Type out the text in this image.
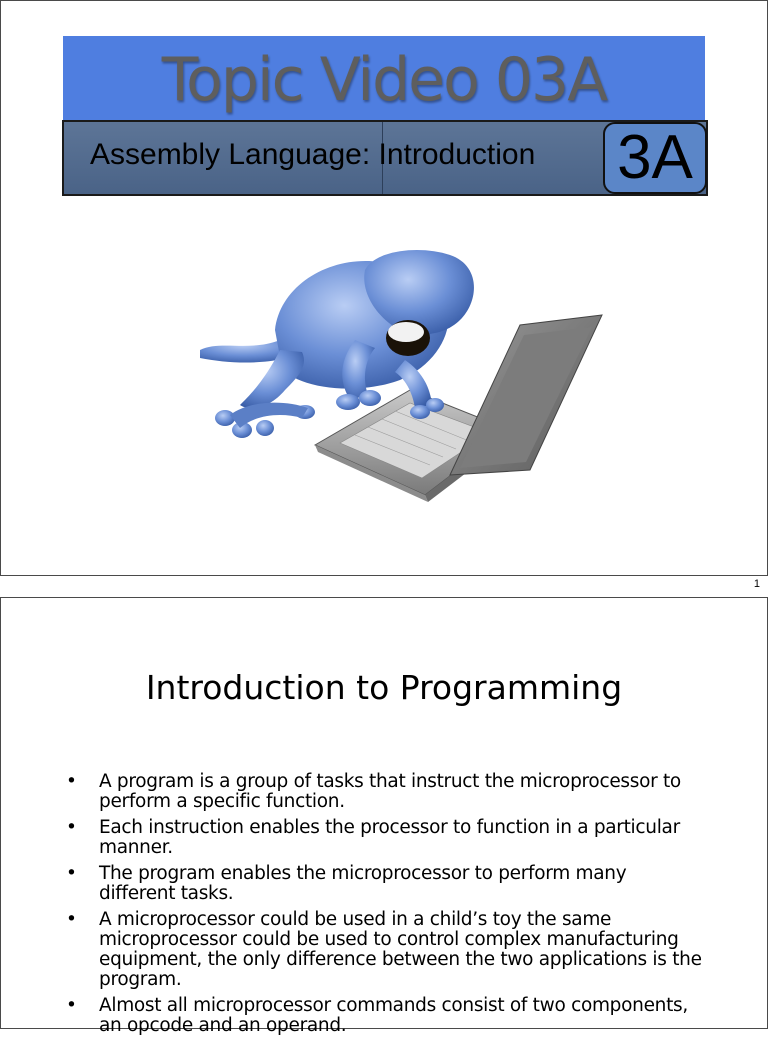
Topic Video 03A
Assembly Language: Introduction 3A
1
Introduction to Programming
•	A program is a group of tasks that instruct the microprocessor to perform a specific function.
•	Each instruction enables the processor to function in a particular manner.
•	The program enables the microprocessor to perform many different tasks.
•	A microprocessor could be used in a child’s toy the same microprocessor could be used to control complex manufacturing equipment, the only difference between the two applications is the program.
•	Almost all microprocessor commands consist of two components, an opcode and an operand.
